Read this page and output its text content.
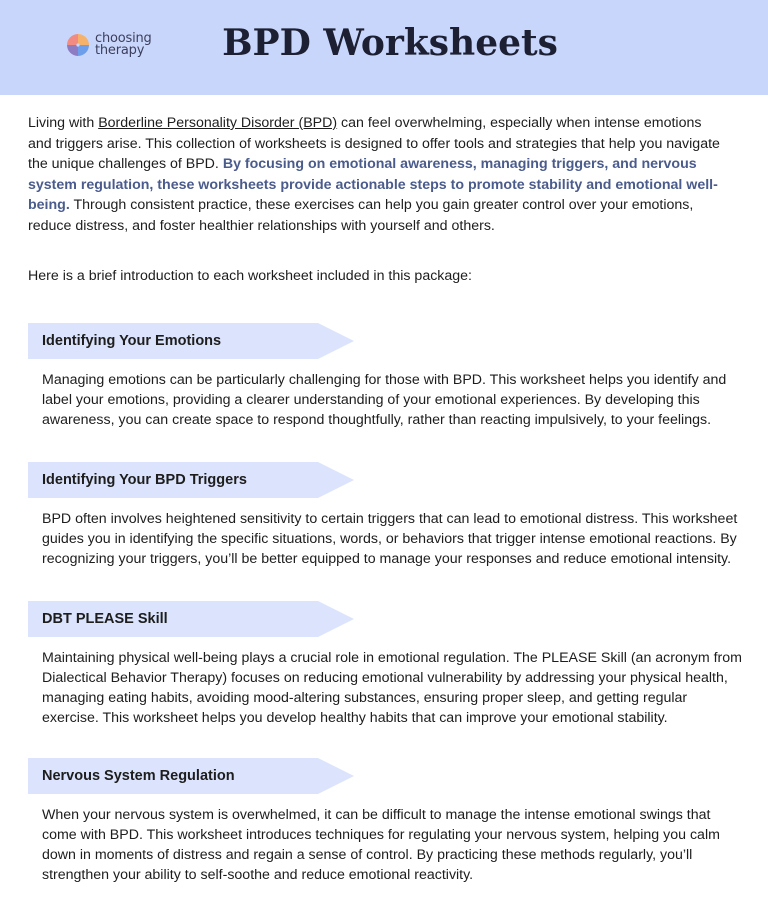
choosing
therapy	BPD Worksheets

Living with Borderline Personality Disorder (BPD) can feel overwhelming, especially when intense emotions and triggers arise. This collection of worksheets is designed to offer tools and strategies that help you navigate the unique challenges of BPD. By focusing on emotional awareness, managing triggers, and nervous system regulation, these worksheets provide actionable steps to promote stability and emotional well-being. Through consistent practice, these exercises can help you gain greater control over your emotions, reduce distress, and foster healthier relationships with yourself and others.

Here is a brief introduction to each worksheet included in this package:

Identifying Your Emotions

Managing emotions can be particularly challenging for those with BPD. This worksheet helps you identify and label your emotions, providing a clearer understanding of your emotional experiences. By developing this awareness, you can create space to respond thoughtfully, rather than reacting impulsively, to your feelings.

Identifying Your BPD Triggers

BPD often involves heightened sensitivity to certain triggers that can lead to emotional distress. This worksheet guides you in identifying the specific situations, words, or behaviors that trigger intense emotional reactions. By recognizing your triggers, you’ll be better equipped to manage your responses and reduce emotional intensity.

DBT PLEASE Skill

Maintaining physical well-being plays a crucial role in emotional regulation. The PLEASE Skill (an acronym from Dialectical Behavior Therapy) focuses on reducing emotional vulnerability by addressing your physical health, managing eating habits, avoiding mood-altering substances, ensuring proper sleep, and getting regular exercise. This worksheet helps you develop healthy habits that can improve your emotional stability.

Nervous System Regulation

When your nervous system is overwhelmed, it can be difficult to manage the intense emotional swings that come with BPD. This worksheet introduces techniques for regulating your nervous system, helping you calm down in moments of distress and regain a sense of control. By practicing these methods regularly, you’ll strengthen your ability to self-soothe and reduce emotional reactivity.
